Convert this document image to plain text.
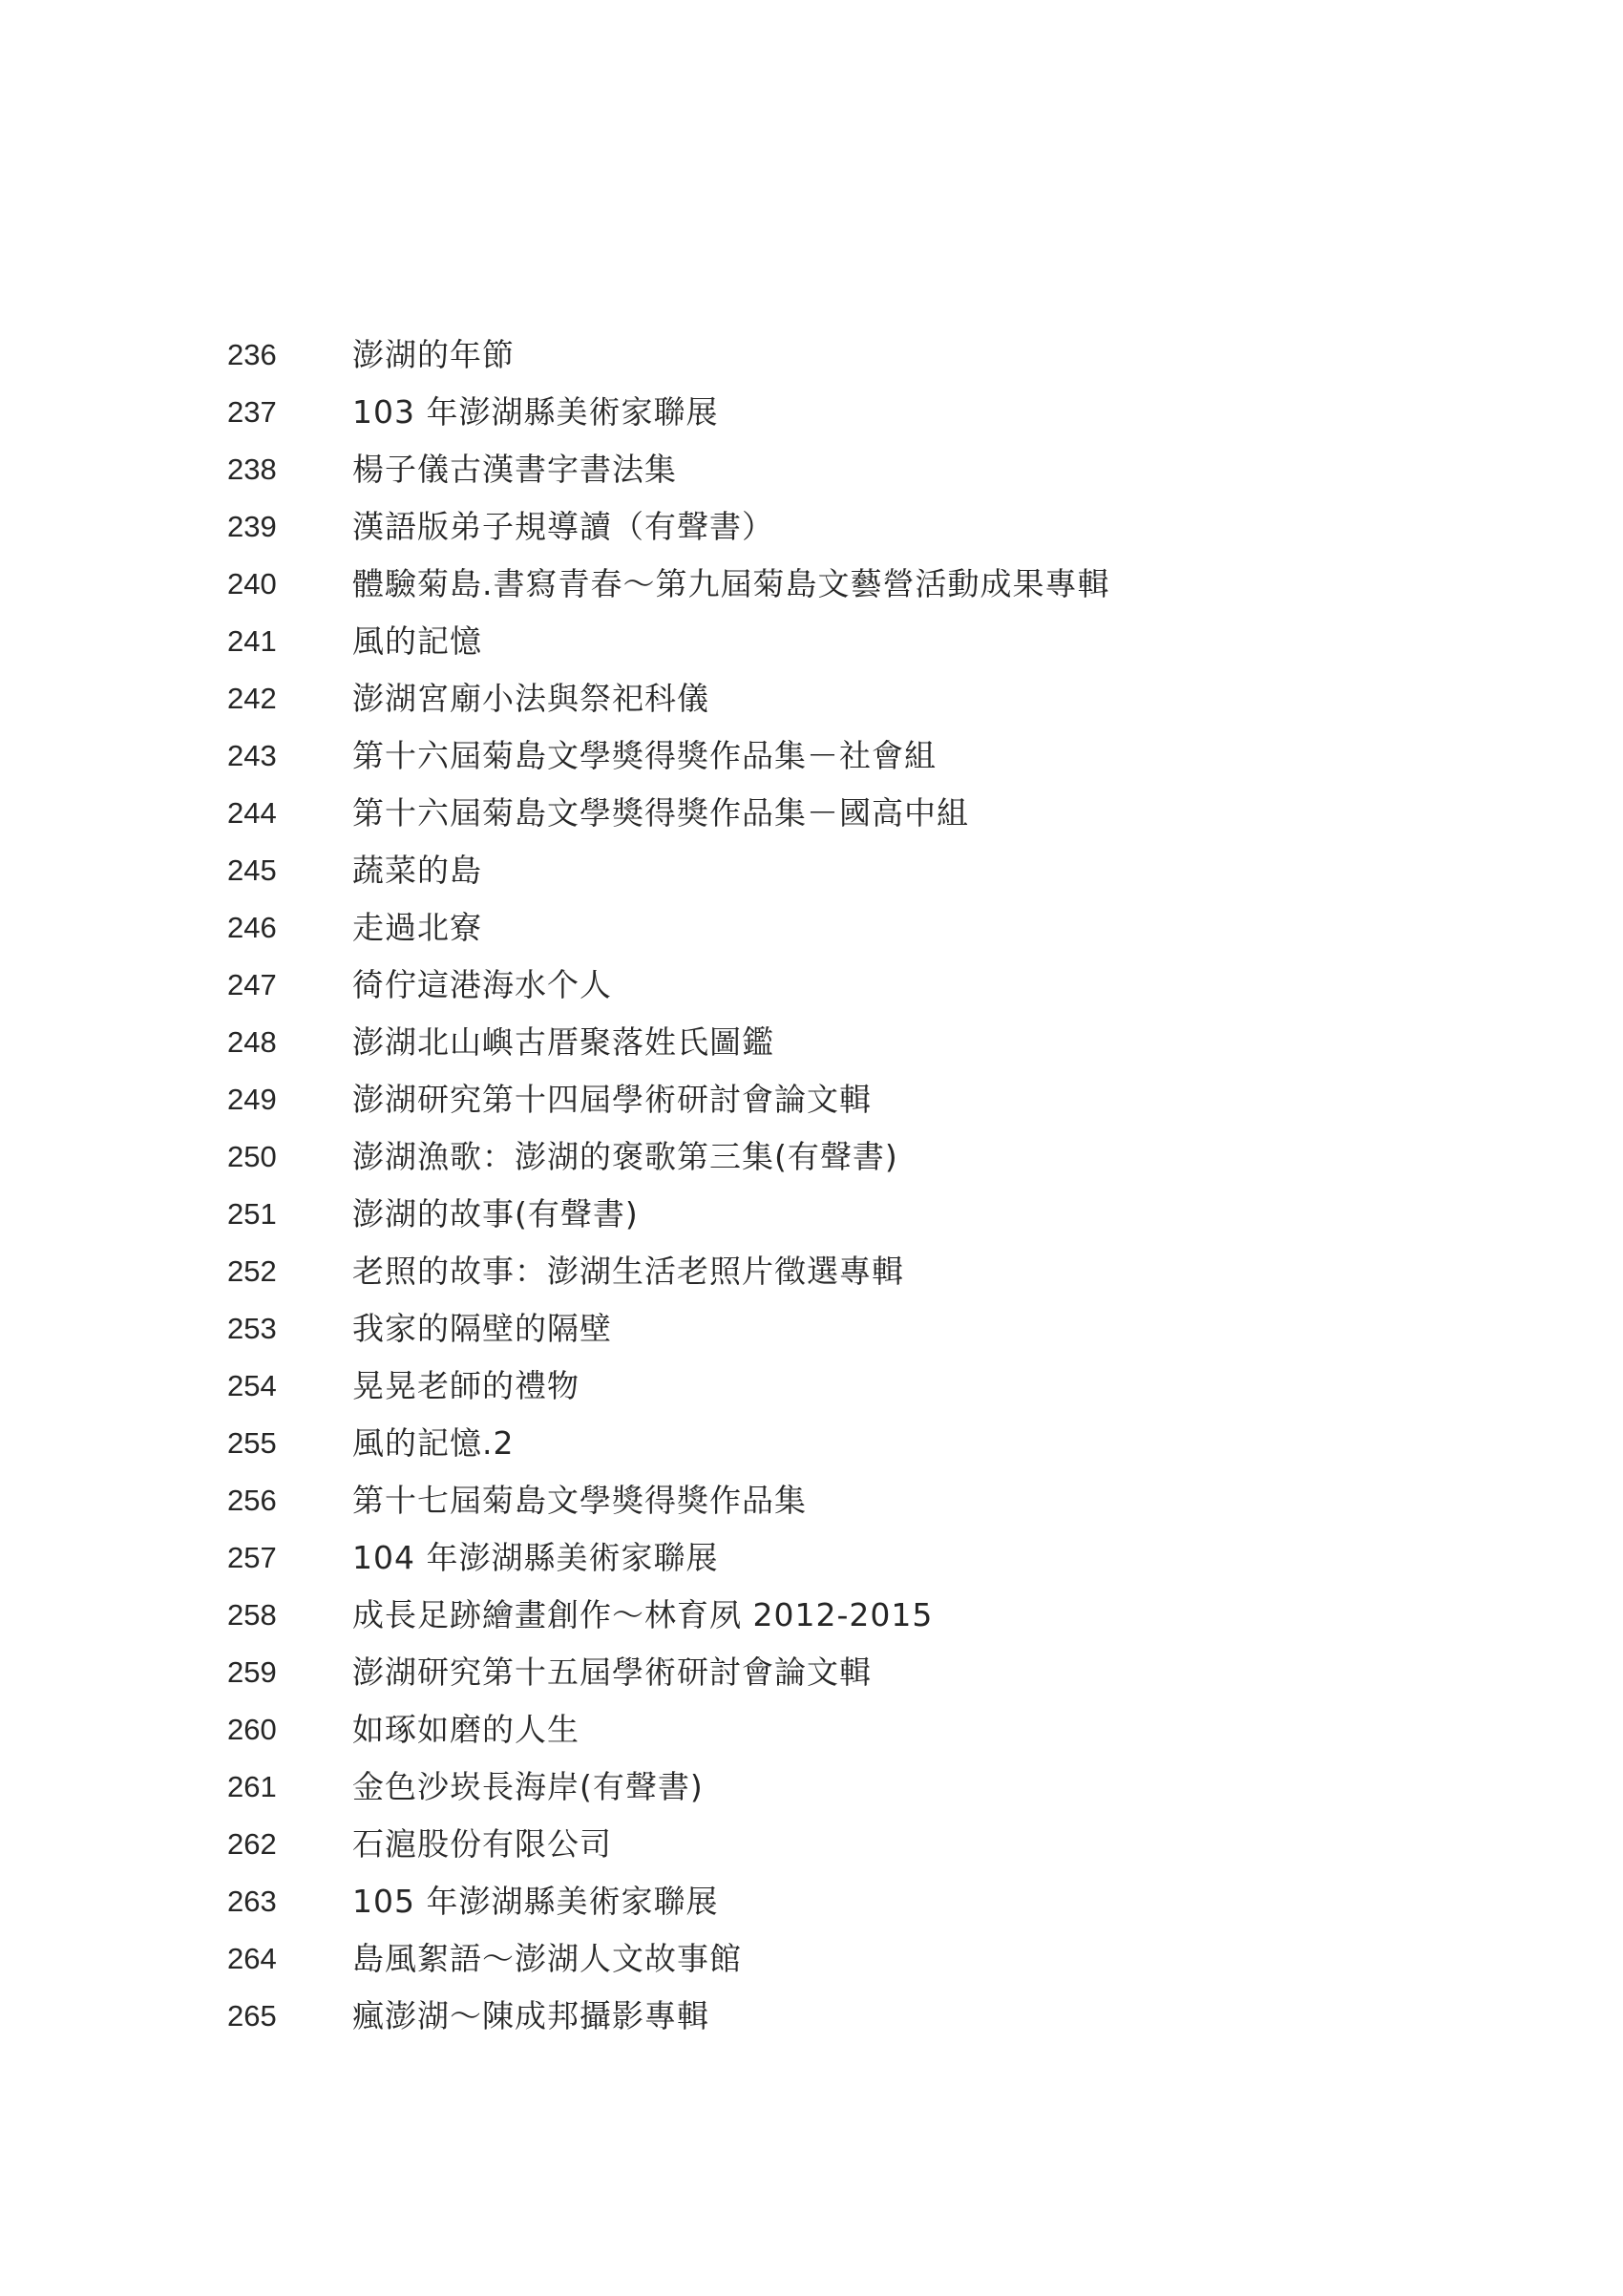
236 澎湖的年節
237 103 年澎湖縣美術家聯展
238 楊子儀古漢書字書法集
239 漢語版弟子規導讀（有聲書）
240 體驗菊島.書寫青春～第九屆菊島文藝營活動成果專輯
241 風的記憶
242 澎湖宮廟小法與祭祀科儀
243 第十六屆菊島文學獎得獎作品集－社會組
244 第十六屆菊島文學獎得獎作品集－國高中組
245 蔬菜的島
246 走過北寮
247 徛佇這港海水个人
248 澎湖北山嶼古厝聚落姓氏圖鑑
249 澎湖研究第十四屆學術研討會論文輯
250 澎湖漁歌：澎湖的褒歌第三集(有聲書)
251 澎湖的故事(有聲書)
252 老照的故事：澎湖生活老照片徵選專輯
253 我家的隔壁的隔壁
254 晃晃老師的禮物
255 風的記憶.2
256 第十七屆菊島文學獎得獎作品集
257 104 年澎湖縣美術家聯展
258 成長足跡繪畫創作～林育夙 2012-2015
259 澎湖研究第十五屆學術研討會論文輯
260 如琢如磨的人生
261 金色沙崁長海岸(有聲書)
262 石滬股份有限公司
263 105 年澎湖縣美術家聯展
264 島風絮語～澎湖人文故事館
265 瘋澎湖～陳成邦攝影專輯
